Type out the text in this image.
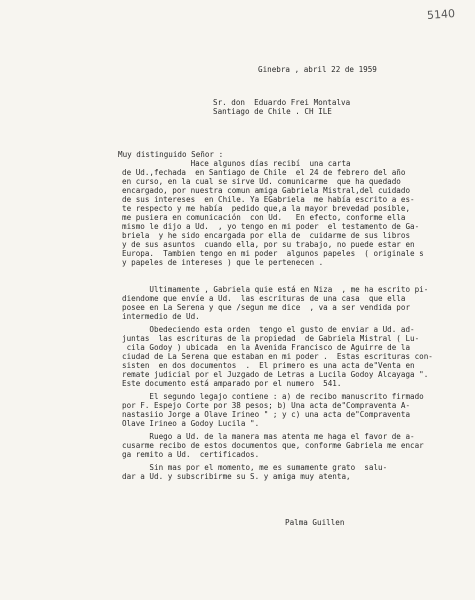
5140
Ginebra , abril 22 de 1959
Sr. don  Eduardo Frei Montalva
Santiago de Chile . CH ILE
Muy distinguido Señor :
Hace algunos días recibí  una carta
de Ud.,fechada  en Santiago de Chile  el 24 de febrero del año
en curso, en la cual se sirve Ud. comunicarme  que ha quedado
encargado, por nuestra comun amiga Gabriela Mistral,del cuidado
de sus intereses  en Chile. Ya EGabriela  me había escrito a es-
te respecto y me había  pedido que,a la mayor brevedad posible,
me pusiera en comunicación  con Ud.   En efecto, conforme ella
mismo le dijo a Ud.  , yo tengo en mi poder  el testamento de Ga-
briela  y he sido encargada por ella de  cuidarme de sus libros
y de sus asuntos  cuando ella, por su trabajo, no puede estar en
Europa.  Tambien tengo en mi poder  algunos papeles  ( originale s
y papeles de intereses ) que le pertenecen .
Ultimamente , Gabriela quie está en Niza  , me ha escrito pi-
diendome que envíe a Ud.  las escrituras de una casa  que ella
posee en La Serena y que /segun me dice  , va a ser vendida por
intermedio de Ud.
Obedeciendo esta orden  tengo el gusto de enviar a Ud. ad-
juntas  las escrituras de la propiedad  de Gabriela Mistral ( Lu-
cila Godoy ) ubicada  en la Avenida Francisco de Aguirre de la
ciudad de La Serena que estaban en mi poder .  Estas escrituras con-
sisten  en dos documentos  .  El primero es una acta de"Venta en
remate judicial por el Juzgado de Letras a Lucila Godoy Alcayaga ".
Este documento está amparado por el numero  541.
El segundo legajo contiene : a) de recibo manuscrito firmado
por F. Espejo Corte por 38 pesos; b) Una acta de"Compraventa A-
nastasiio Jorge a Olave Irineo " ; y c) una acta de"Compraventa
Olave Irineo a Godoy Lucila ".
Ruego a Ud. de la manera mas atenta me haga el favor de a-
cusarme recibo de estos documentos que, conforme Gabriela me encar
ga remito a Ud.  certificados.
Sin mas por el momento, me es sumamente grato  salu-
dar a Ud. y subscribirme su S. y amiga muy atenta,
Palma Guillen
